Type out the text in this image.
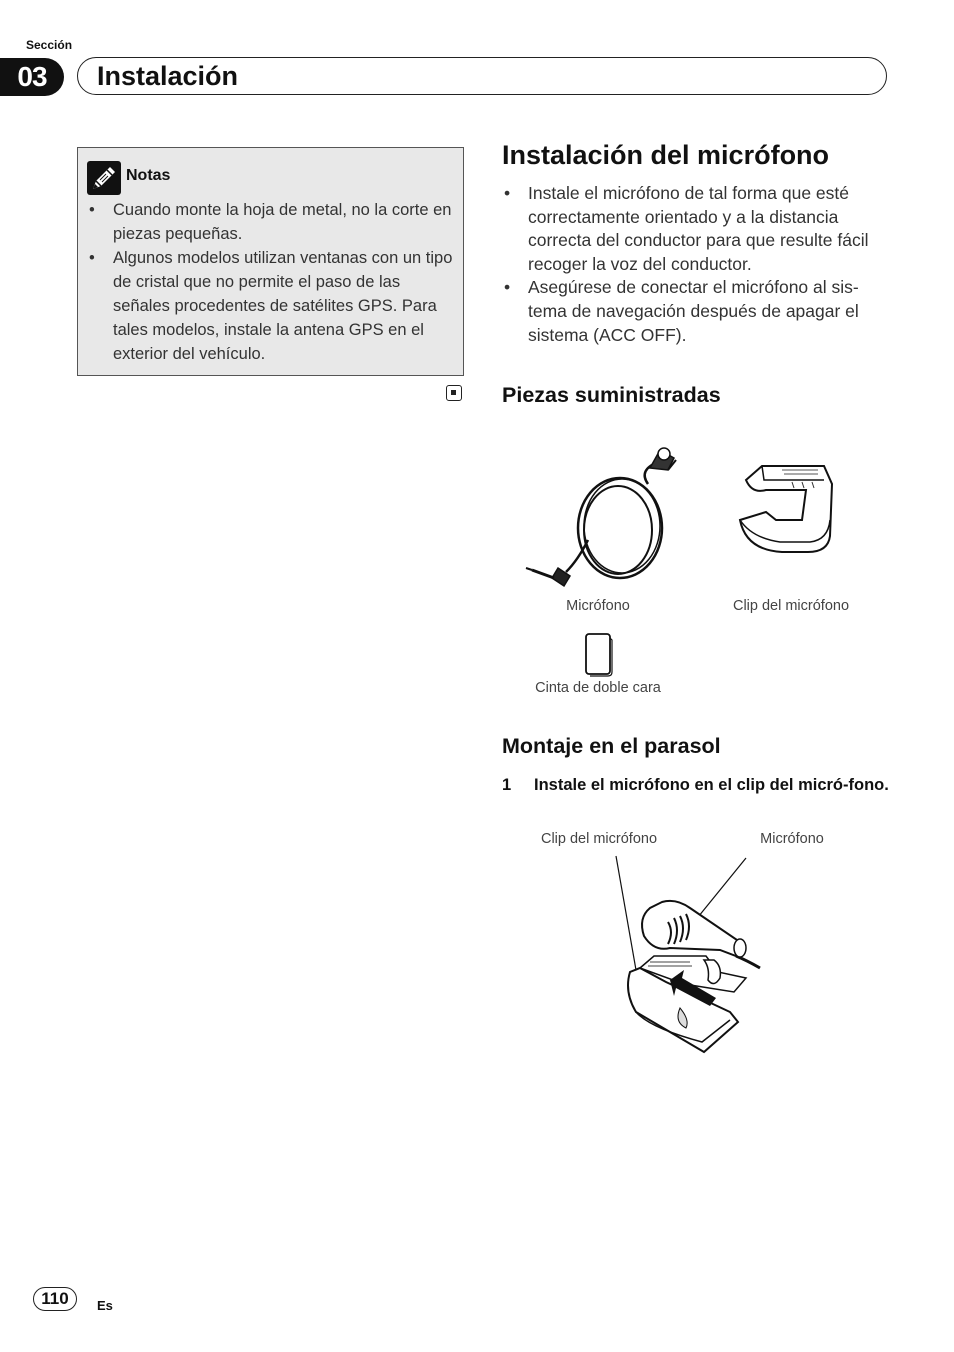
Sección
03	Instalación
Notas
• Cuando monte la hoja de metal, no la corte en piezas pequeñas.
• Algunos modelos utilizan ventanas con un tipo de cristal que no permite el paso de las señales procedentes de satélites GPS. Para tales modelos, instale la antena GPS en el exterior del vehículo.
Instalación del micrófono
• Instale el micrófono de tal forma que esté correctamente orientado y a la distancia correcta del conductor para que resulte fácil recoger la voz del conductor.
• Asegúrese de conectar el micrófono al sis-tema de navegación después de apagar el sistema (ACC OFF).
Piezas suministradas
Micrófono	Clip del micrófono
Cinta de doble cara
Montaje en el parasol
1 Instale el micrófono en el clip del micró-fono.
Clip del micrófono	Micrófono
110	Es
